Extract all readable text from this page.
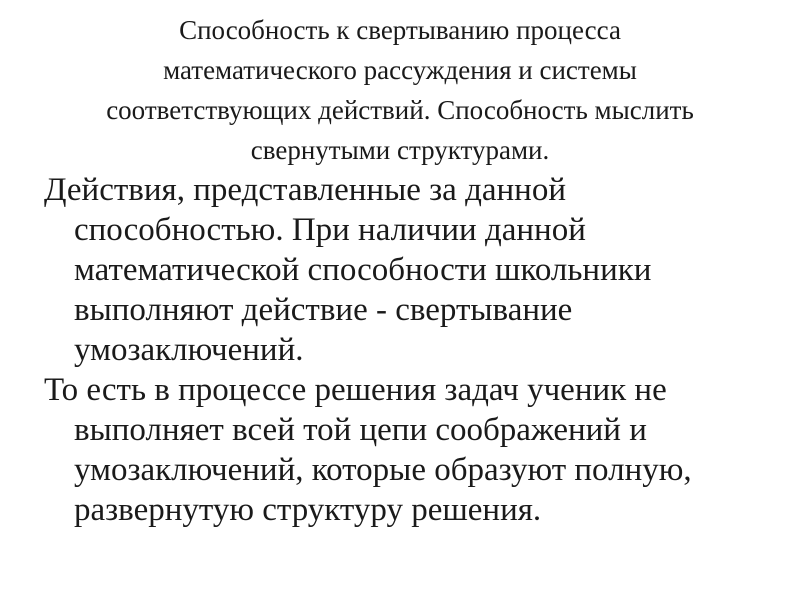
Способность к свертыванию процесса
математического рассуждения и системы
соответствующих действий. Способность мыслить
свернутыми структурами.

Действия, представленные за данной
способностью. При наличии данной
математической способности школьники
выполняют действие - свертывание
умозаключений.

То есть в процессе решения задач ученик не
выполняет всей той цепи соображений и
умозаключений, которые образуют полную,
развернутую структуру решения.
